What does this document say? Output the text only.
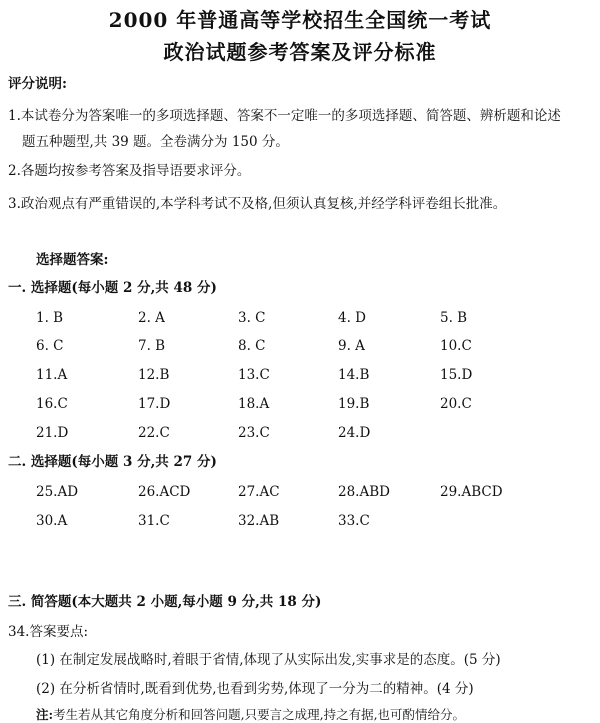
2000 年普通高等学校招生全国统一考试
政治试题参考答案及评分标准
评分说明:
1.本试卷分为答案唯一的多项选择题、答案不一定唯一的多项选择题、简答题、辨析题和论述
题五种题型,共 39 题。全卷满分为 150 分。
2.各题均按参考答案及指导语要求评分。
3.政治观点有严重错误的,本学科考试不及格,但须认真复核,并经学科评卷组长批准。
选择题答案:
一. 选择题(每小题 2 分,共 48 分)
1. B	2. A	3. C	4. D	5. B
6. C	7. B	8. C	9. A	10.C
11.A	12.B	13.C	14.B	15.D
16.C	17.D	18.A	19.B	20.C
21.D	22.C	23.C	24.D
二. 选择题(每小题 3 分,共 27 分)
25.AD	26.ACD	27.AC	28.ABD	29.ABCD
30.A	31.C	32.AB	33.C
三. 简答题(本大题共 2 小题,每小题 9 分,共 18 分)
34.答案要点:
(1) 在制定发展战略时,着眼于省情,体现了从实际出发,实事求是的态度。(5 分)
(2) 在分析省情时,既看到优势,也看到劣势,体现了一分为二的精神。(4 分)
注:考生若从其它角度分析和回答问题,只要言之成理,持之有据,也可酌情给分。
